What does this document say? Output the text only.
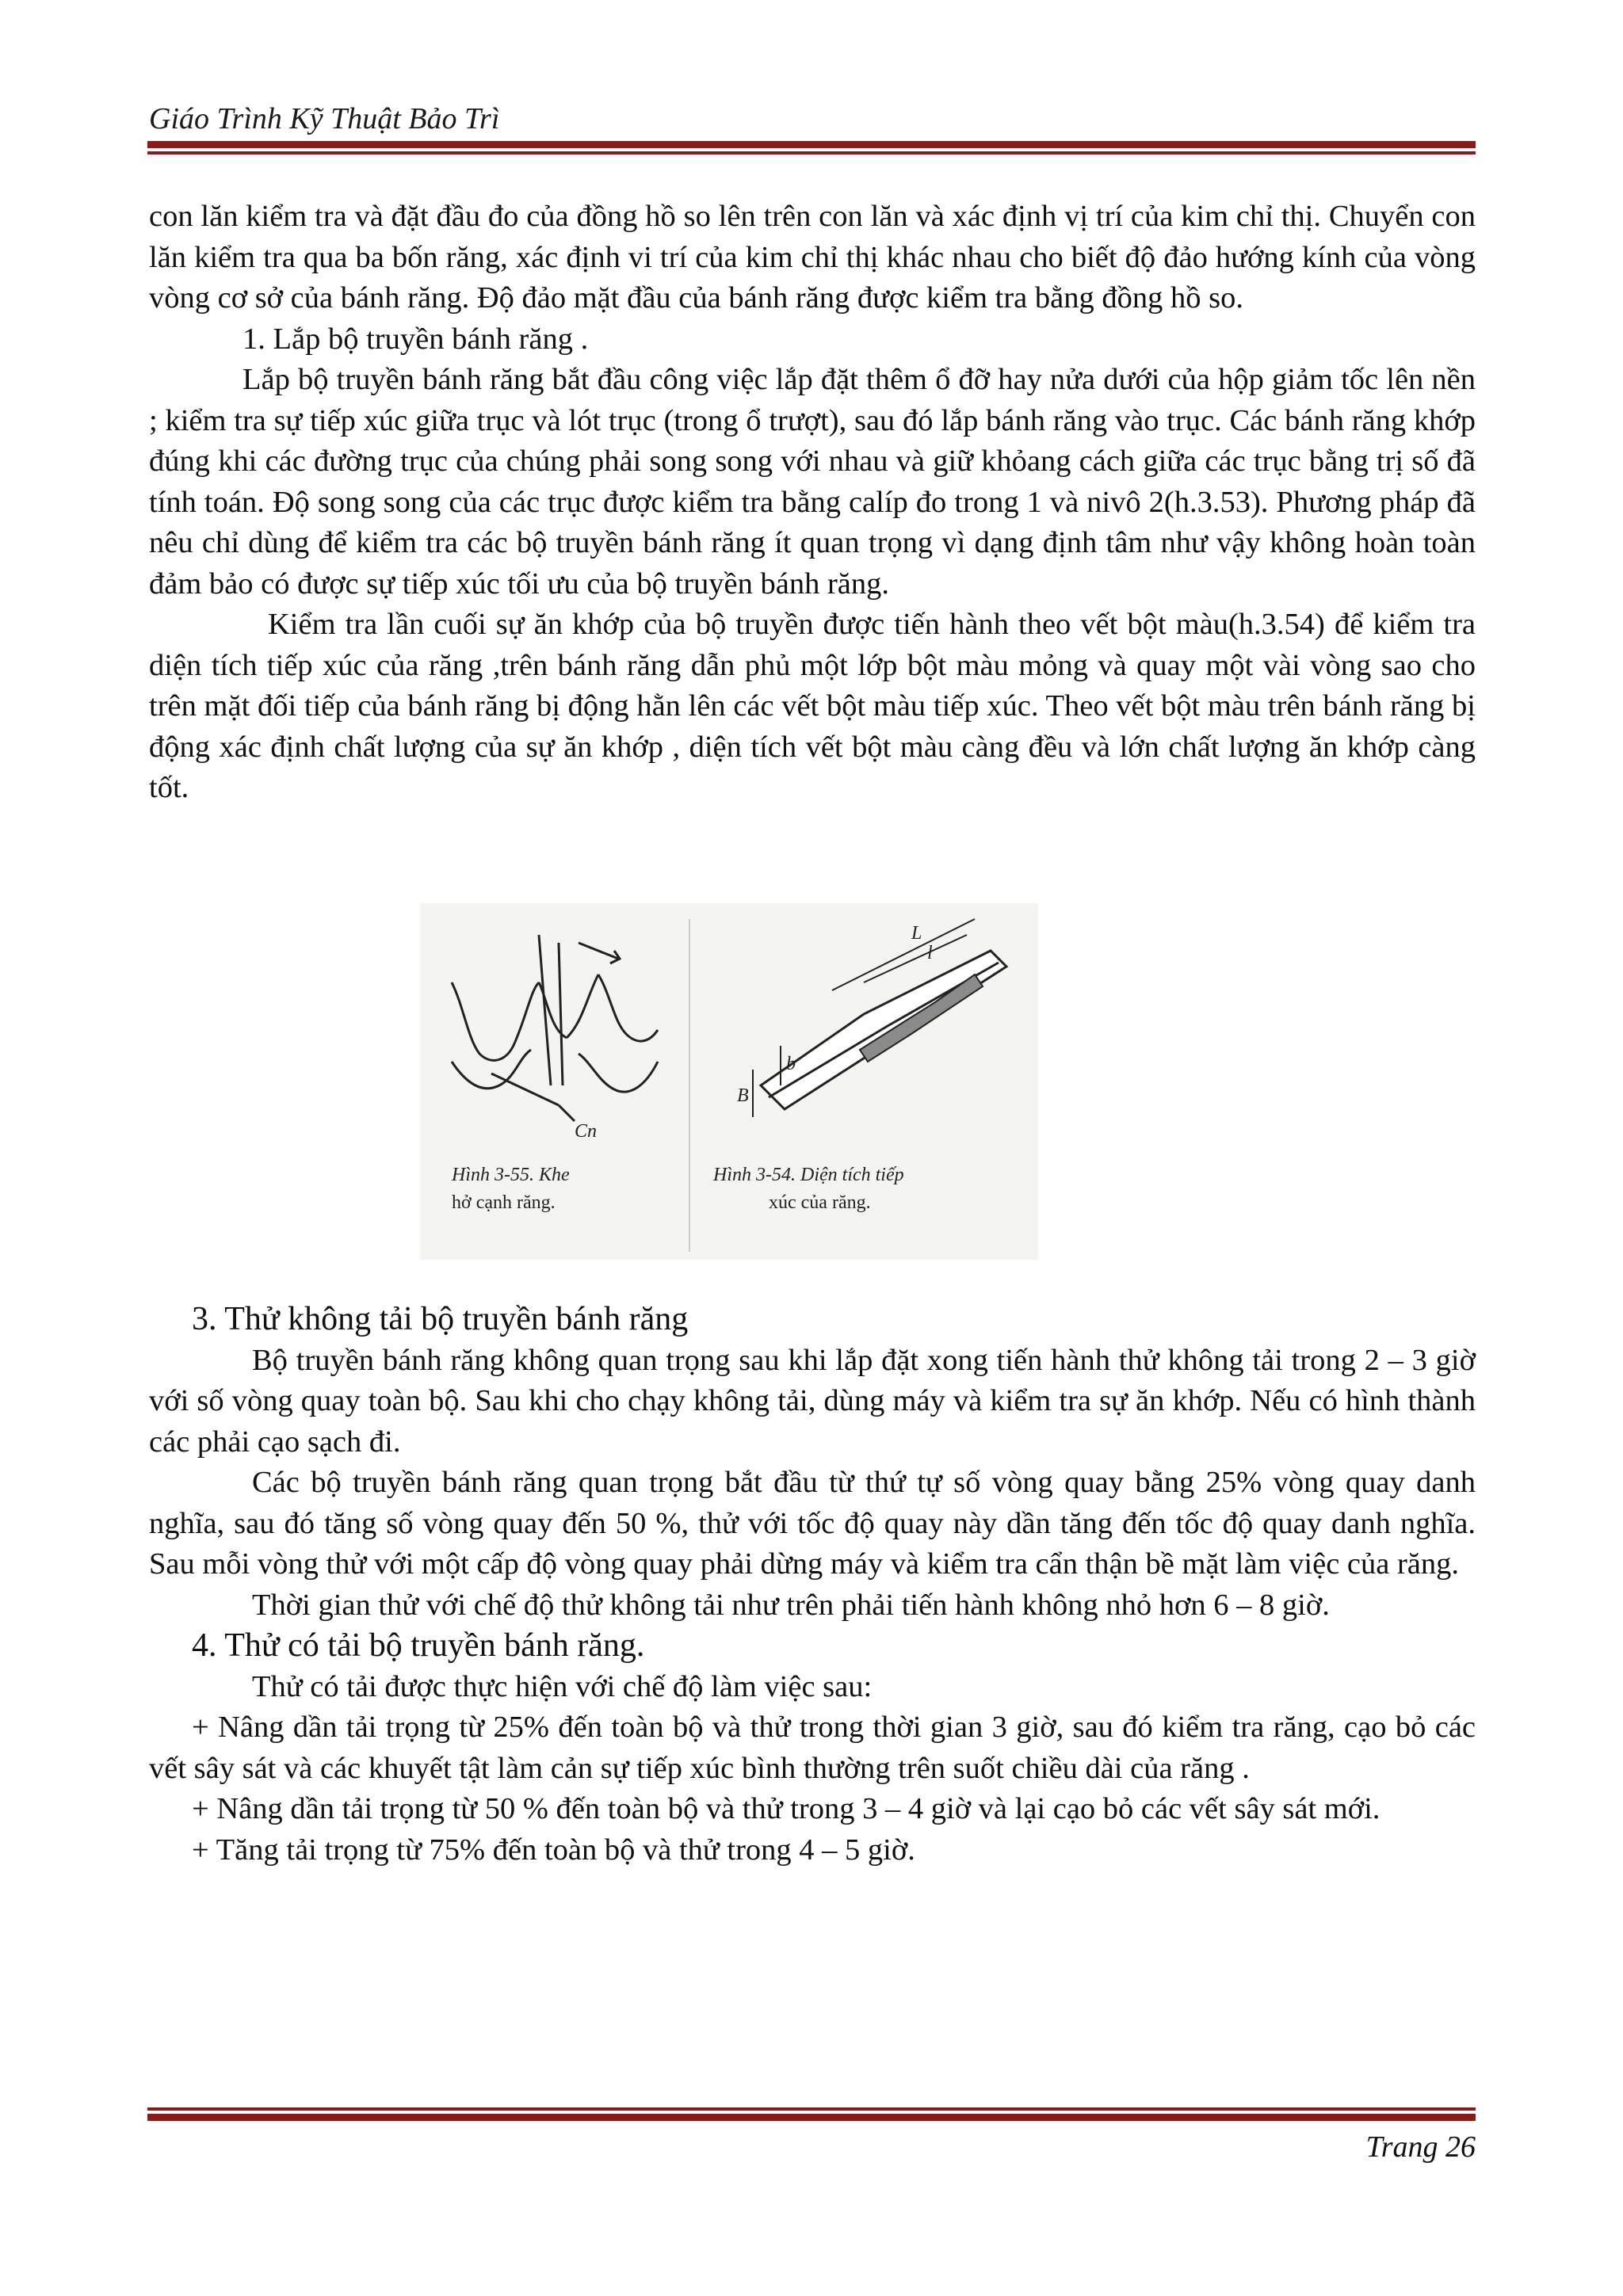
Giáo Trình Kỹ Thuật Bảo Trì

con lăn kiểm tra và đặt đầu đo của đồng hồ so lên trên con lăn và xác định vị trí của kim chỉ thị. Chuyển con lăn kiểm tra qua ba bốn răng, xác định vi trí của kim chỉ thị khác nhau cho biết độ đảo hướng kính của vòng vòng cơ sở của bánh răng. Độ đảo mặt đầu của bánh răng được kiểm tra bằng đồng hồ so.

1. Lắp bộ truyền bánh răng .

Lắp bộ truyền bánh răng bắt đầu công việc lắp đặt thêm ổ đỡ hay nửa dưới của hộp giảm tốc lên nền ; kiểm tra sự tiếp xúc giữa trục và lót trục (trong ổ trượt), sau đó lắp bánh răng vào trục. Các bánh răng khớp đúng khi các đường trục của chúng phải song song với nhau và giữ khỏang cách giữa các trục bằng trị số đã tính toán. Độ song song của các trục được kiểm tra bằng calíp đo trong 1 và nivô 2(h.3.53). Phương pháp đã nêu chỉ dùng để kiểm tra các bộ truyền bánh răng ít quan trọng vì dạng định tâm như vậy không hoàn toàn đảm bảo có được sự tiếp xúc tối ưu của bộ truyền bánh răng.

Kiểm tra lần cuối sự ăn khớp của bộ truyền được tiến hành theo vết bột màu(h.3.54) để kiểm tra diện tích tiếp xúc của răng ,trên bánh răng dẫn phủ một lớp bột màu mỏng và quay một vài vòng sao cho trên mặt đối tiếp của bánh răng bị động hằn lên các vết bột màu tiếp xúc. Theo vết bột màu trên bánh răng bị động xác định chất lượng của sự ăn khớp , diện tích vết bột màu càng đều và lớn chất lượng ăn khớp càng tốt.

Cn
Hình 3-55. Khe
hở cạnh răng.
L
l
b
B
Hình 3-54. Diện tích tiếp
xúc của răng.

3. Thử không tải bộ truyền bánh răng

Bộ truyền bánh răng không quan trọng sau khi lắp đặt xong tiến hành thử không tải trong 2 – 3 giờ với số vòng quay toàn bộ. Sau khi cho chạy không tải, dùng máy và kiểm tra sự ăn khớp. Nếu có hình thành các phải cạo sạch đi.

Các bộ truyền bánh răng quan trọng bắt đầu từ thứ tự số vòng quay bằng 25% vòng quay danh nghĩa, sau đó tăng số vòng quay đến 50 %, thử với tốc độ quay này dần tăng đến tốc độ quay danh nghĩa. Sau mỗi vòng thử với một cấp độ vòng quay phải dừng máy và kiểm tra cẩn thận bề mặt làm việc của răng.

Thời gian thử với chế độ thử không tải như trên phải tiến hành không nhỏ hơn 6 – 8 giờ.

4. Thử có tải bộ truyền bánh răng.

Thử có tải được thực hiện với chế độ làm việc sau:

+ Nâng dần tải trọng từ 25% đến toàn bộ và thử trong thời gian 3 giờ, sau đó kiểm tra răng, cạo bỏ các vết sây sát và các khuyết tật làm cản sự tiếp xúc bình thường trên suốt chiều dài của răng .

+ Nâng dần tải trọng từ 50 % đến toàn bộ và thử trong 3 – 4 giờ và lại cạo bỏ các vết sây sát mới.

+ Tăng tải trọng từ 75% đến toàn bộ và thử trong 4 – 5 giờ.

Trang 26
